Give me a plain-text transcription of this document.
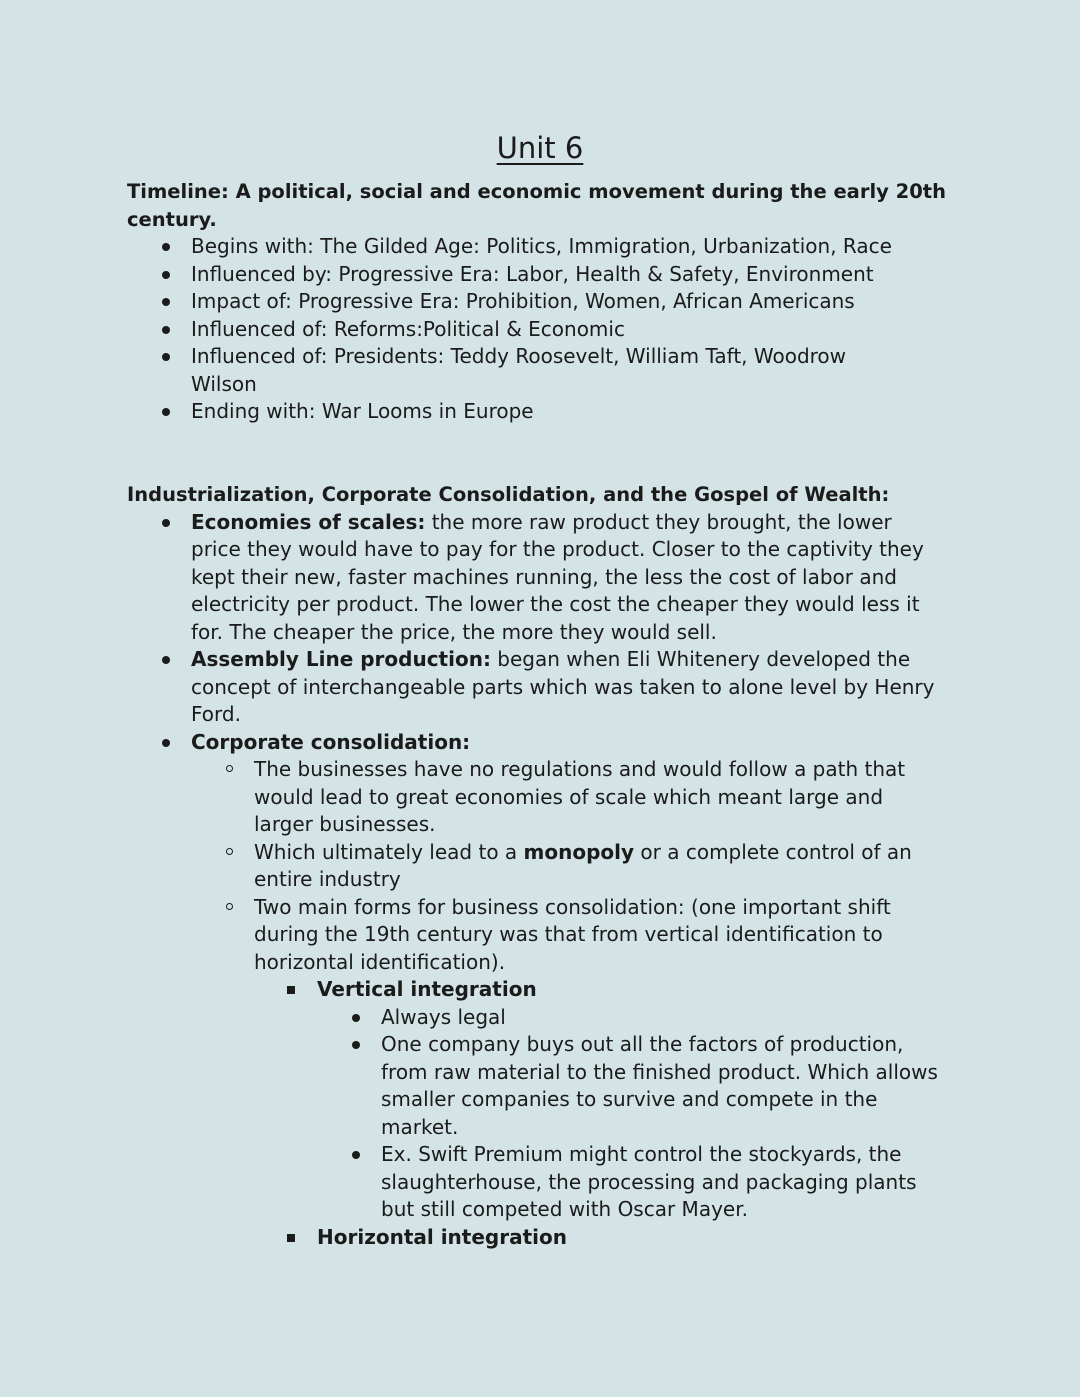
Unit 6
Timeline: A political, social and economic movement during the early 20th century.
Begins with: The Gilded Age: Politics, Immigration, Urbanization, Race
Influenced by: Progressive Era: Labor, Health & Safety, Environment
Impact of: Progressive Era: Prohibition, Women, African Americans
Influenced of: Reforms:Political & Economic
Influenced of: Presidents: Teddy Roosevelt, William Taft, Woodrow Wilson
Ending with: War Looms in Europe
Industrialization, Corporate Consolidation, and the Gospel of Wealth:
Economies of scales: the more raw product they brought, the lower price they would have to pay for the product. Closer to the captivity they kept their new, faster machines running, the less the cost of labor and electricity per product. The lower the cost the cheaper they would less it for. The cheaper the price, the more they would sell.
Assembly Line production: began when Eli Whitenery developed the concept of interchangeable parts which was taken to alone level by Henry Ford.
Corporate consolidation:
The businesses have no regulations and would follow a path that would lead to great economies of scale which meant large and larger businesses.
Which ultimately lead to a monopoly or a complete control of an entire industry
Two main forms for business consolidation: (one important shift during the 19th century was that from vertical identification to horizontal identification).
Vertical integration
Always legal
One company buys out all the factors of production, from raw material to the finished product. Which allows smaller companies to survive and compete in the market.
Ex. Swift Premium might control the stockyards, the slaughterhouse, the processing and packaging plants but still competed with Oscar Mayer.
Horizontal integration
